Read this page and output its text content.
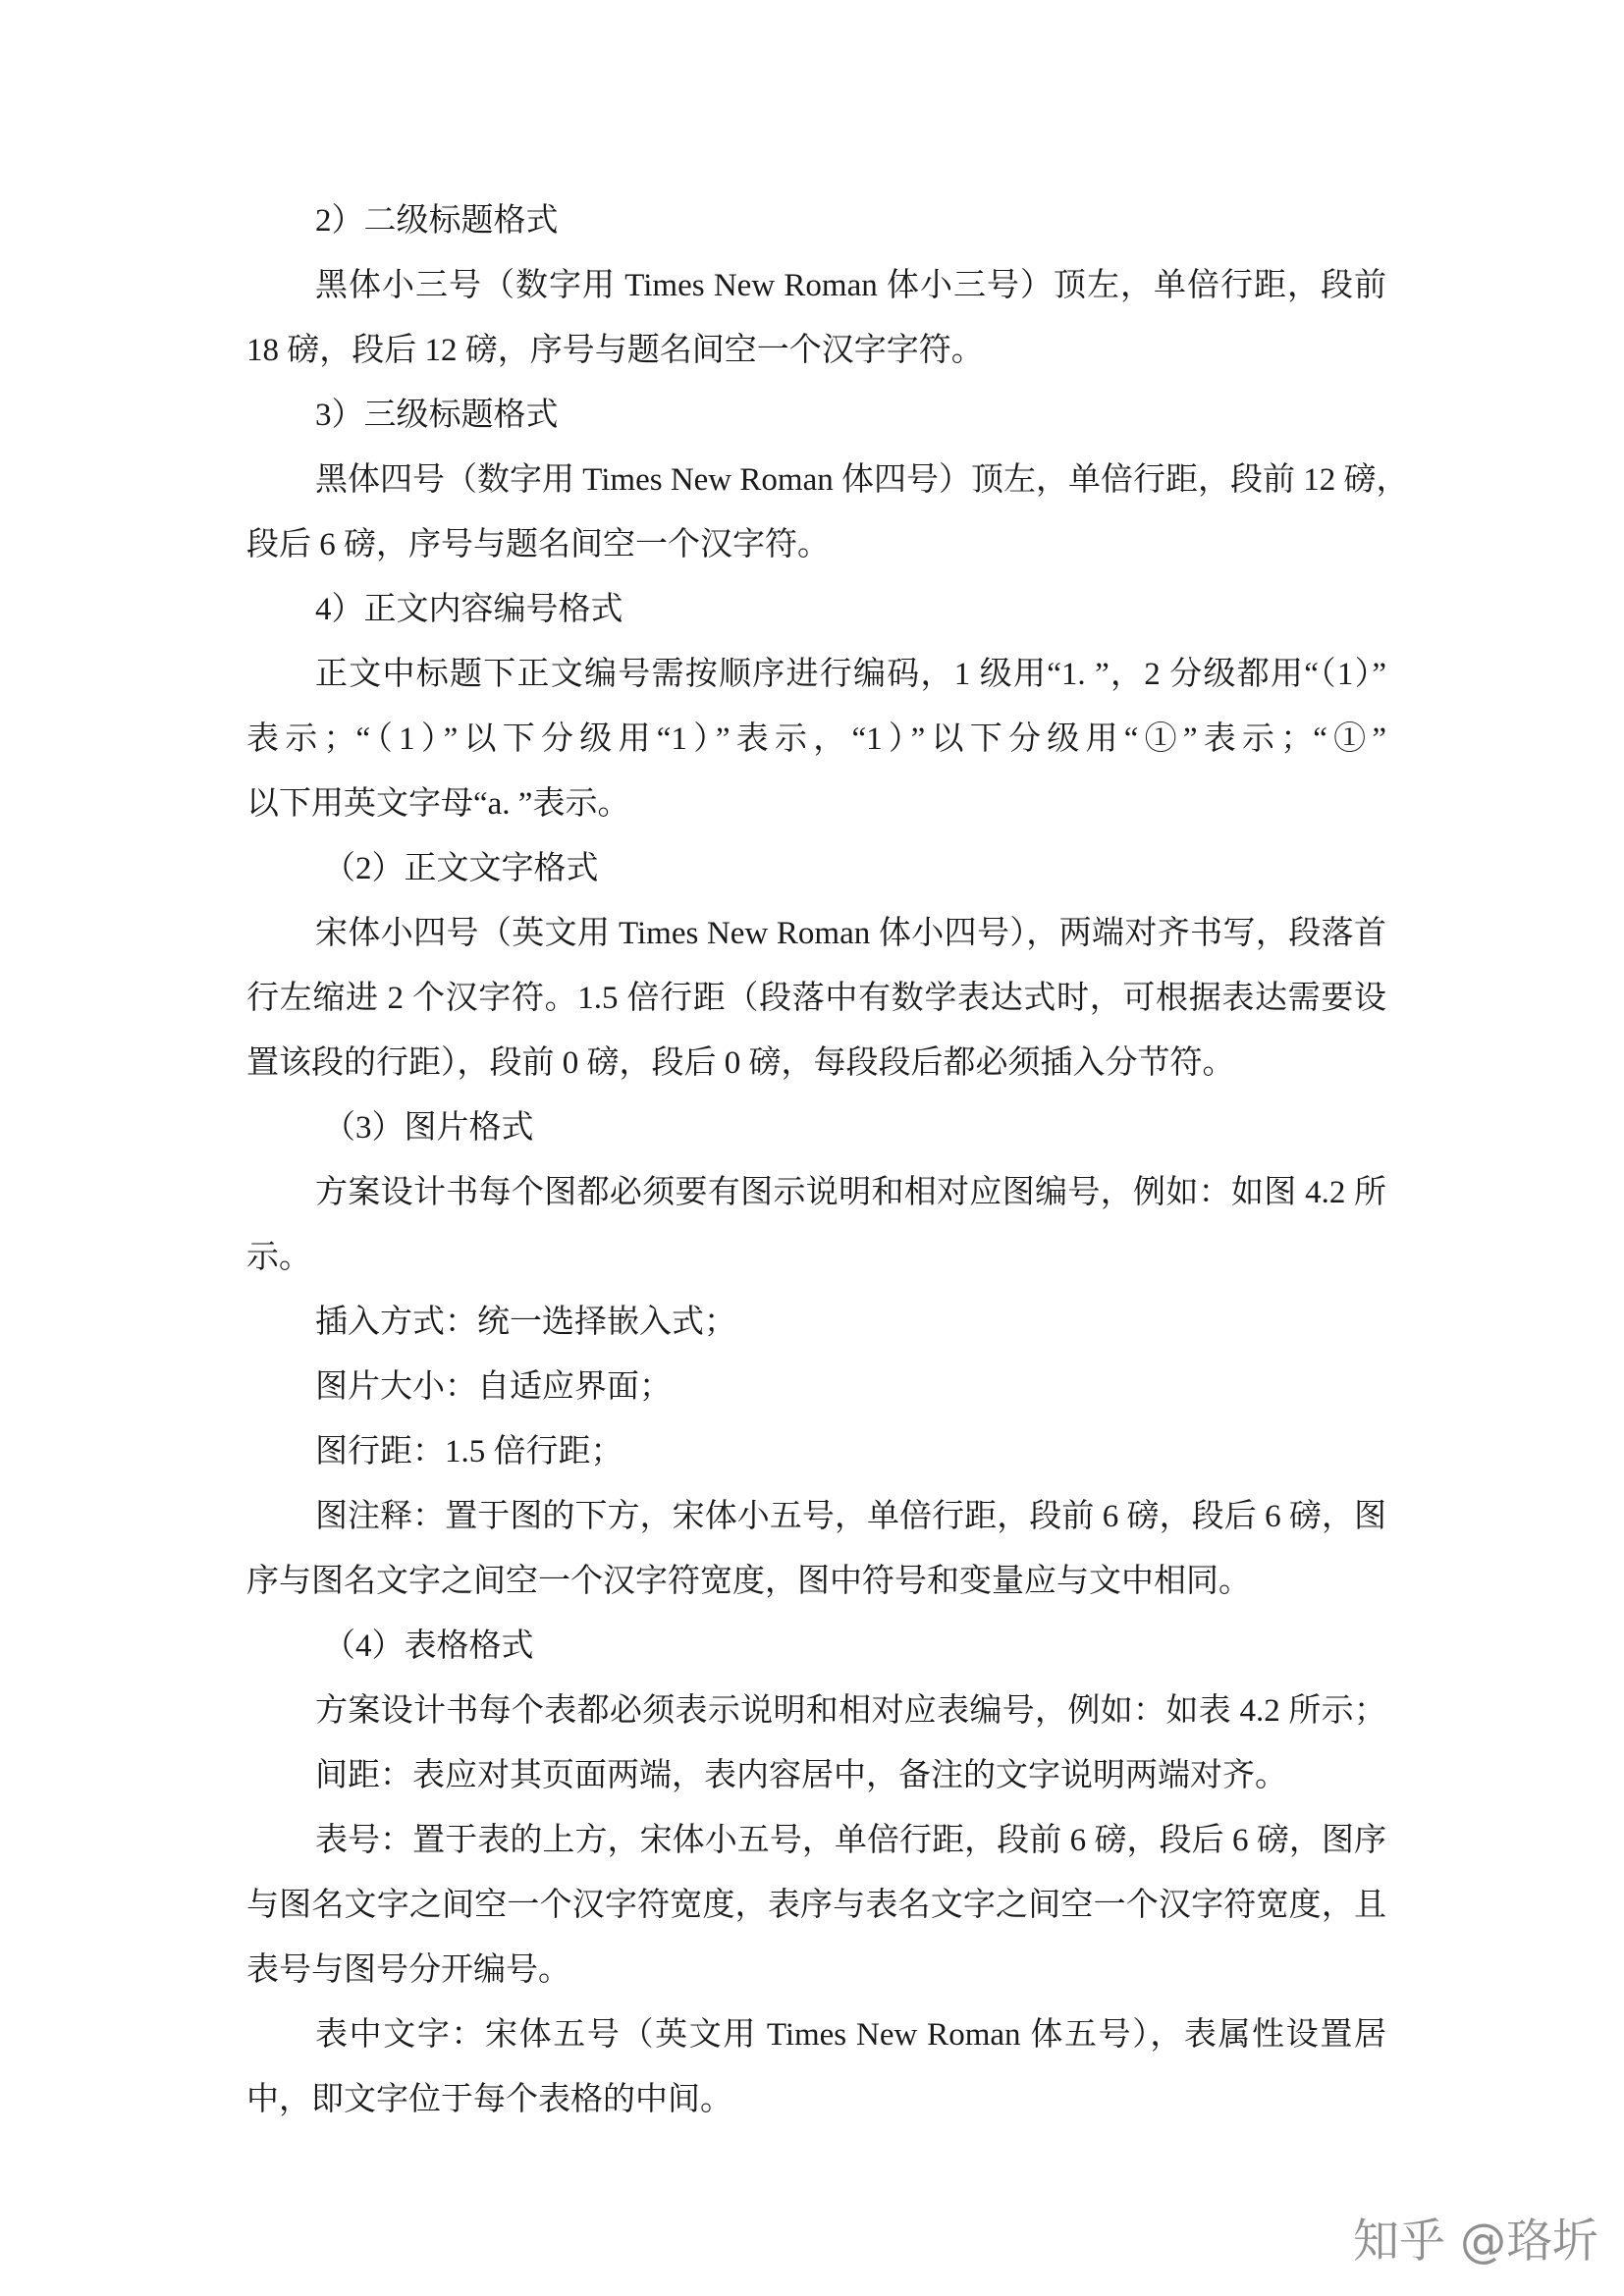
2）二级标题格式
黑体小三号（数字用 Times New Roman 体小三号）顶左，单倍行距，段前
18 磅，段后 12 磅，序号与题名间空一个汉字字符。
3）三级标题格式
黑体四号（数字用 Times New Roman 体四号）顶左，单倍行距，段前 12 磅，
段后 6 磅，序号与题名间空一个汉字符。
4）正文内容编号格式
正文中标题下正文编号需按顺序进行编码，1 级用“1. ”，2 分级都用“（1）”
表示；“（1）”以下分级用“1）”表示，“1）”以下分级用“①”表示；“①”
以下用英文字母“a. ”表示。
（2）正文文字格式
宋体小四号（英文用 Times New Roman 体小四号），两端对齐书写，段落首
行左缩进 2 个汉字符。1.5 倍行距（段落中有数学表达式时，可根据表达需要设
置该段的行距），段前 0 磅，段后 0 磅，每段段后都必须插入分节符。
（3）图片格式
方案设计书每个图都必须要有图示说明和相对应图编号，例如：如图 4.2 所
示。
插入方式：统一选择嵌入式；
图片大小：自适应界面；
图行距：1.5 倍行距；
图注释：置于图的下方，宋体小五号，单倍行距，段前 6 磅，段后 6 磅，图
序与图名文字之间空一个汉字符宽度，图中符号和变量应与文中相同。
（4）表格格式
方案设计书每个表都必须表示说明和相对应表编号，例如：如表 4.2 所示；
间距：表应对其页面两端，表内容居中，备注的文字说明两端对齐。
表号：置于表的上方，宋体小五号，单倍行距，段前 6 磅，段后 6 磅，图序
与图名文字之间空一个汉字符宽度，表序与表名文字之间空一个汉字符宽度，且
表号与图号分开编号。
表中文字：宋体五号（英文用 Times New Roman 体五号），表属性设置居
中，即文字位于每个表格的中间。
知乎 @珞圻
